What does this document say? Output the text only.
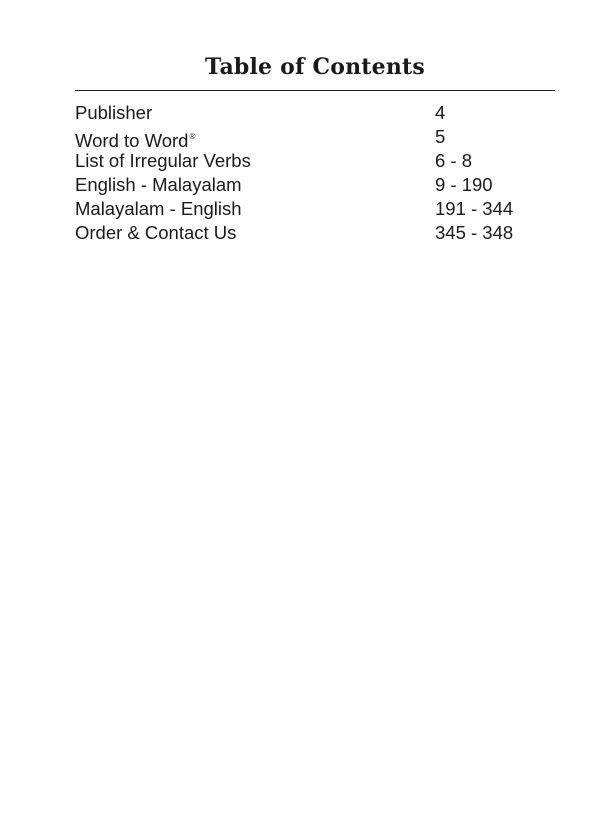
Table of Contents
Publisher	4
Word to Word®	5
List of Irregular Verbs	6 - 8
English - Malayalam	9 - 190
Malayalam - English	191 - 344
Order & Contact Us	345 - 348
